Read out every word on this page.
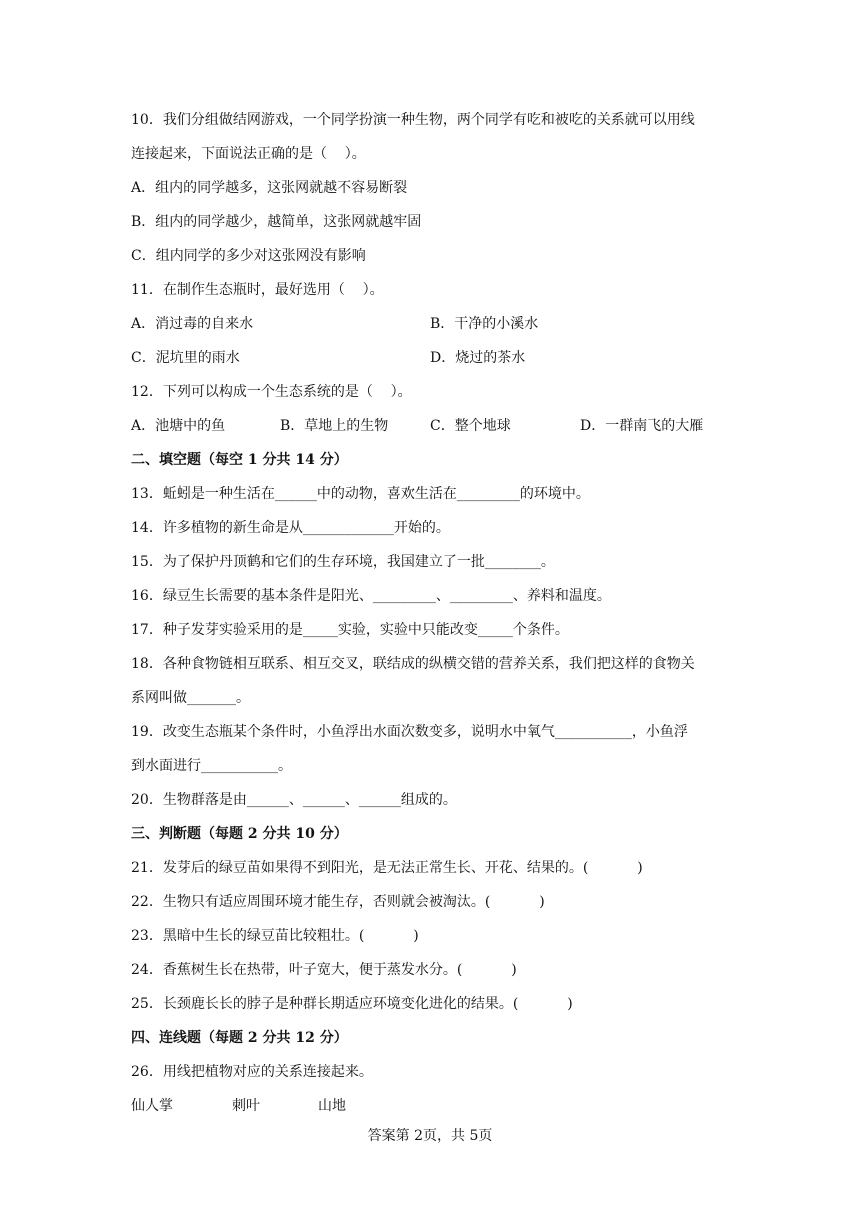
10．我们分组做结网游戏，一个同学扮演一种生物，两个同学有吃和被吃的关系就可以用线
连接起来，下面说法正确的是（    ）。
A．组内的同学越多，这张网就越不容易断裂
B．组内的同学越少，越简单，这张网就越牢固
C．组内同学的多少对这张网没有影响
11．在制作生态瓶时，最好选用（    ）。
A．消过毒的自来水	B．干净的小溪水
C．泥坑里的雨水	D．烧过的茶水
12．下列可以构成一个生态系统的是（    ）。
A．池塘中的鱼	B．草地上的生物	C．整个地球	D．一群南飞的大雁
二、填空题（每空 1 分共 14 分）
13．蚯蚓是一种生活在______中的动物，喜欢生活在_________的环境中。
14．许多植物的新生命是从_____________开始的。
15．为了保护丹顶鹤和它们的生存环境，我国建立了一批________。
16．绿豆生长需要的基本条件是阳光、_________、_________、养料和温度。
17．种子发芽实验采用的是_____实验，实验中只能改变_____个条件。
18．各种食物链相互联系、相互交叉，联结成的纵横交错的营养关系，我们把这样的食物关
系网叫做_______。
19．改变生态瓶某个条件时，小鱼浮出水面次数变多，说明水中氧气___________，小鱼浮
到水面进行___________。
20．生物群落是由______、______、______组成的。
三、判断题（每题 2 分共 10 分）
21．发芽后的绿豆苗如果得不到阳光，是无法正常生长、开花、结果的。(           )
22．生物只有适应周围环境才能生存，否则就会被淘汰。(           )
23．黑暗中生长的绿豆苗比较粗壮。(           )
24．香蕉树生长在热带，叶子宽大，便于蒸发水分。(           )
25．长颈鹿长长的脖子是种群长期适应环境变化进化的结果。(           )
四、连线题（每题 2 分共 12 分）
26．用线把植物对应的关系连接起来。
仙人掌	刺叶	山地
答案第 2页，共 5页
